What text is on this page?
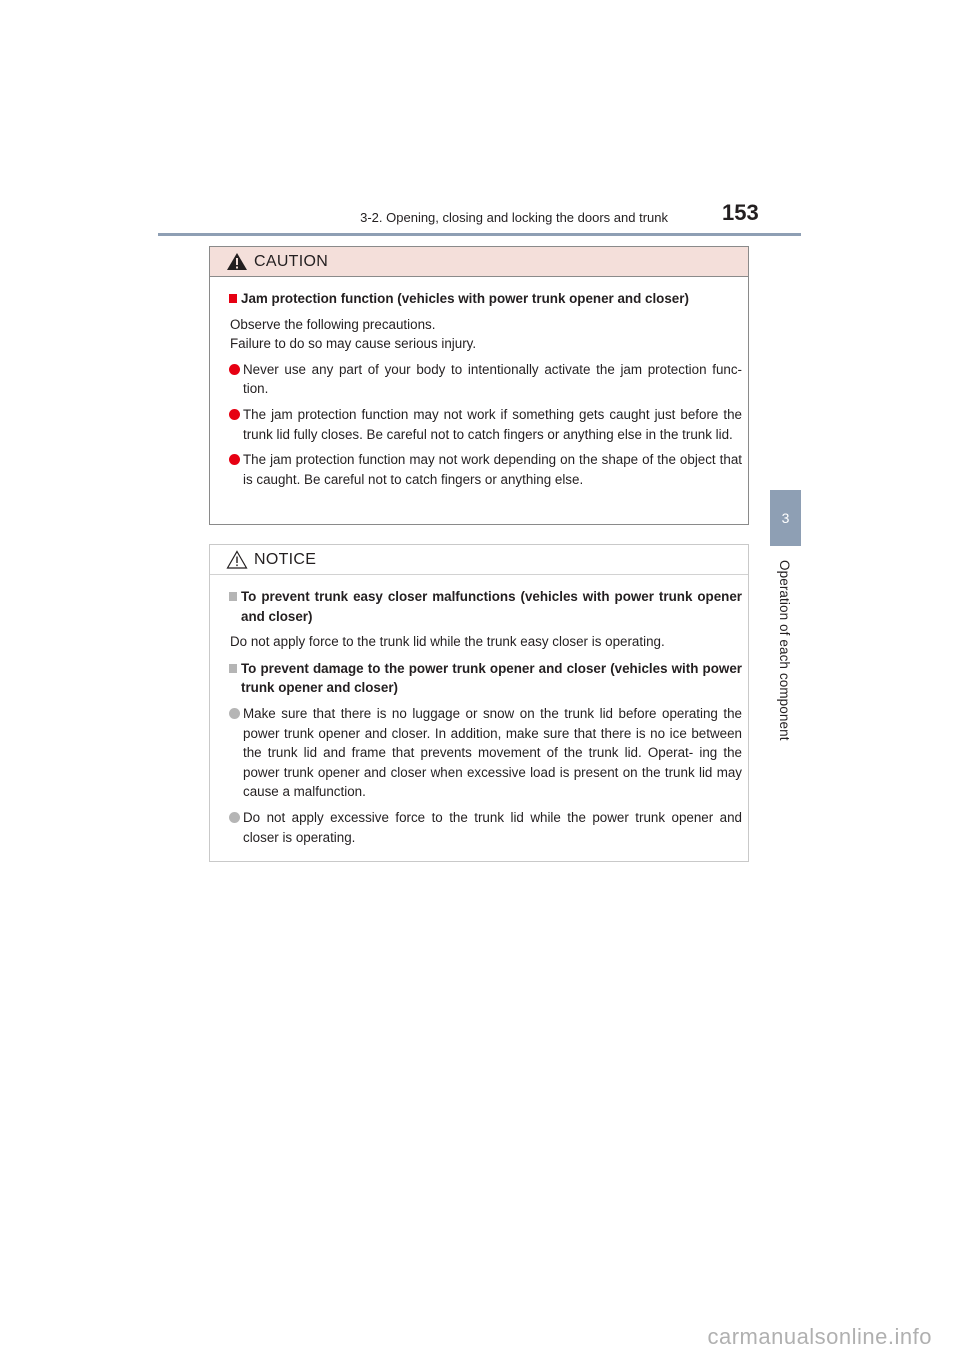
3-2. Opening, closing and locking the doors and trunk 153
3
Operation of each component
CAUTION
Jam protection function (vehicles with power trunk opener and closer)
Observe the following precautions.
Failure to do so may cause serious injury.
Never use any part of your body to intentionally activate the jam protection func- tion.
The jam protection function may not work if something gets caught just before the trunk lid fully closes. Be careful not to catch fingers or anything else in the trunk lid.
The jam protection function may not work depending on the shape of the object that is caught. Be careful not to catch fingers or anything else.
NOTICE
To prevent trunk easy closer malfunctions (vehicles with power trunk opener and closer)
Do not apply force to the trunk lid while the trunk easy closer is operating.
To prevent damage to the power trunk opener and closer (vehicles with power trunk opener and closer)
Make sure that there is no luggage or snow on the trunk lid before operating the power trunk opener and closer. In addition, make sure that there is no ice between the trunk lid and frame that prevents movement of the trunk lid. Operat- ing the power trunk opener and closer when excessive load is present on the trunk lid may cause a malfunction.
Do not apply excessive force to the trunk lid while the power trunk opener and closer is operating.
carmanualsonline.info
